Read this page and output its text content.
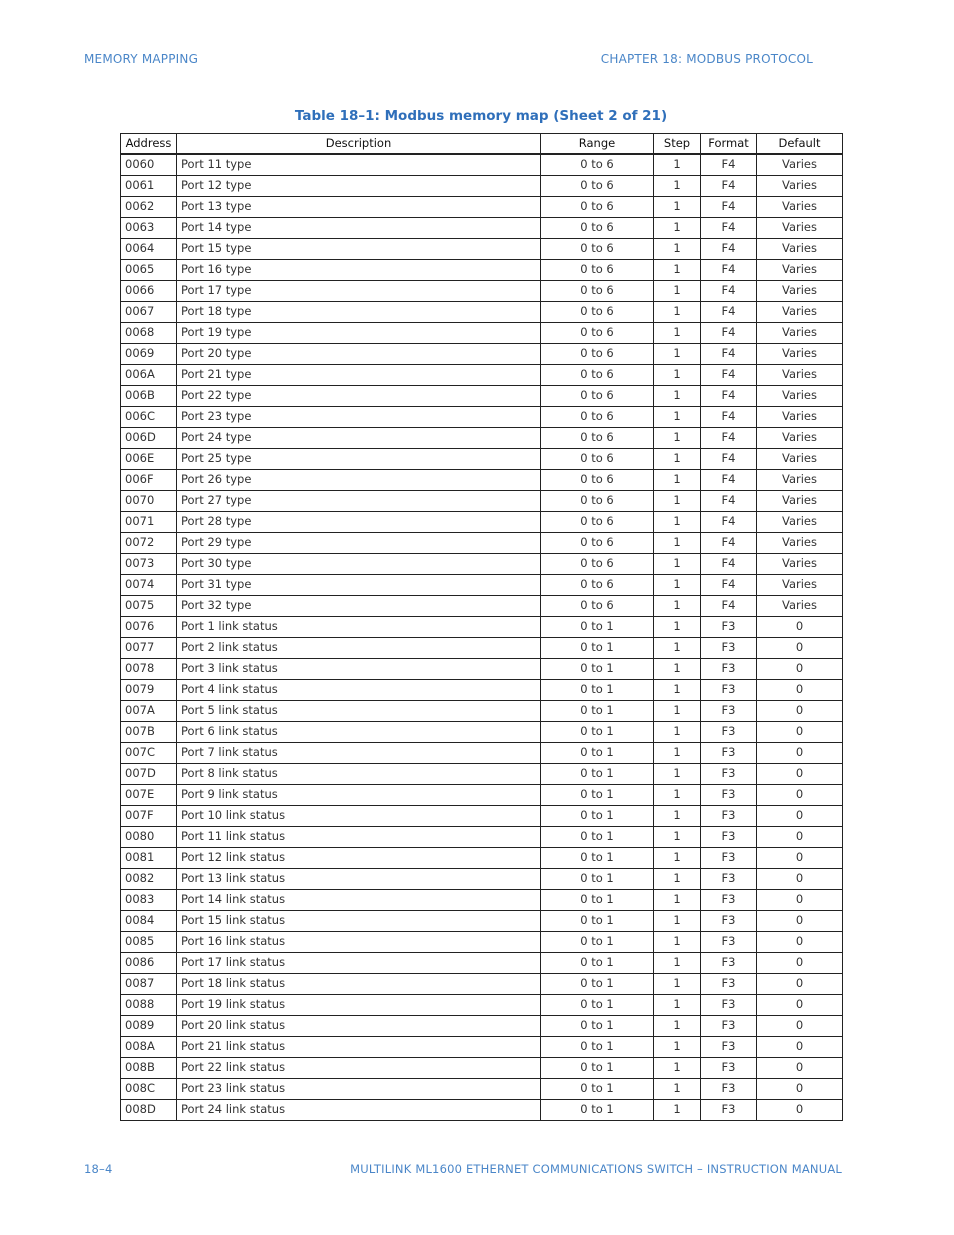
MEMORY MAPPING	CHAPTER 18: MODBUS PROTOCOL
Table 18–1: Modbus memory map (Sheet 2 of 21)
Address	Description	Range	Step	Format	Default
0060	Port 11 type	0 to 6	1	F4	Varies
0061	Port 12 type	0 to 6	1	F4	Varies
0062	Port 13 type	0 to 6	1	F4	Varies
0063	Port 14 type	0 to 6	1	F4	Varies
0064	Port 15 type	0 to 6	1	F4	Varies
0065	Port 16 type	0 to 6	1	F4	Varies
0066	Port 17 type	0 to 6	1	F4	Varies
0067	Port 18 type	0 to 6	1	F4	Varies
0068	Port 19 type	0 to 6	1	F4	Varies
0069	Port 20 type	0 to 6	1	F4	Varies
006A	Port 21 type	0 to 6	1	F4	Varies
006B	Port 22 type	0 to 6	1	F4	Varies
006C	Port 23 type	0 to 6	1	F4	Varies
006D	Port 24 type	0 to 6	1	F4	Varies
006E	Port 25 type	0 to 6	1	F4	Varies
006F	Port 26 type	0 to 6	1	F4	Varies
0070	Port 27 type	0 to 6	1	F4	Varies
0071	Port 28 type	0 to 6	1	F4	Varies
0072	Port 29 type	0 to 6	1	F4	Varies
0073	Port 30 type	0 to 6	1	F4	Varies
0074	Port 31 type	0 to 6	1	F4	Varies
0075	Port 32 type	0 to 6	1	F4	Varies
0076	Port 1 link status	0 to 1	1	F3	0
0077	Port 2 link status	0 to 1	1	F3	0
0078	Port 3 link status	0 to 1	1	F3	0
0079	Port 4 link status	0 to 1	1	F3	0
007A	Port 5 link status	0 to 1	1	F3	0
007B	Port 6 link status	0 to 1	1	F3	0
007C	Port 7 link status	0 to 1	1	F3	0
007D	Port 8 link status	0 to 1	1	F3	0
007E	Port 9 link status	0 to 1	1	F3	0
007F	Port 10 link status	0 to 1	1	F3	0
0080	Port 11 link status	0 to 1	1	F3	0
0081	Port 12 link status	0 to 1	1	F3	0
0082	Port 13 link status	0 to 1	1	F3	0
0083	Port 14 link status	0 to 1	1	F3	0
0084	Port 15 link status	0 to 1	1	F3	0
0085	Port 16 link status	0 to 1	1	F3	0
0086	Port 17 link status	0 to 1	1	F3	0
0087	Port 18 link status	0 to 1	1	F3	0
0088	Port 19 link status	0 to 1	1	F3	0
0089	Port 20 link status	0 to 1	1	F3	0
008A	Port 21 link status	0 to 1	1	F3	0
008B	Port 22 link status	0 to 1	1	F3	0
008C	Port 23 link status	0 to 1	1	F3	0
008D	Port 24 link status	0 to 1	1	F3	0
18–4	MULTILINK ML1600 ETHERNET COMMUNICATIONS SWITCH – INSTRUCTION MANUAL
